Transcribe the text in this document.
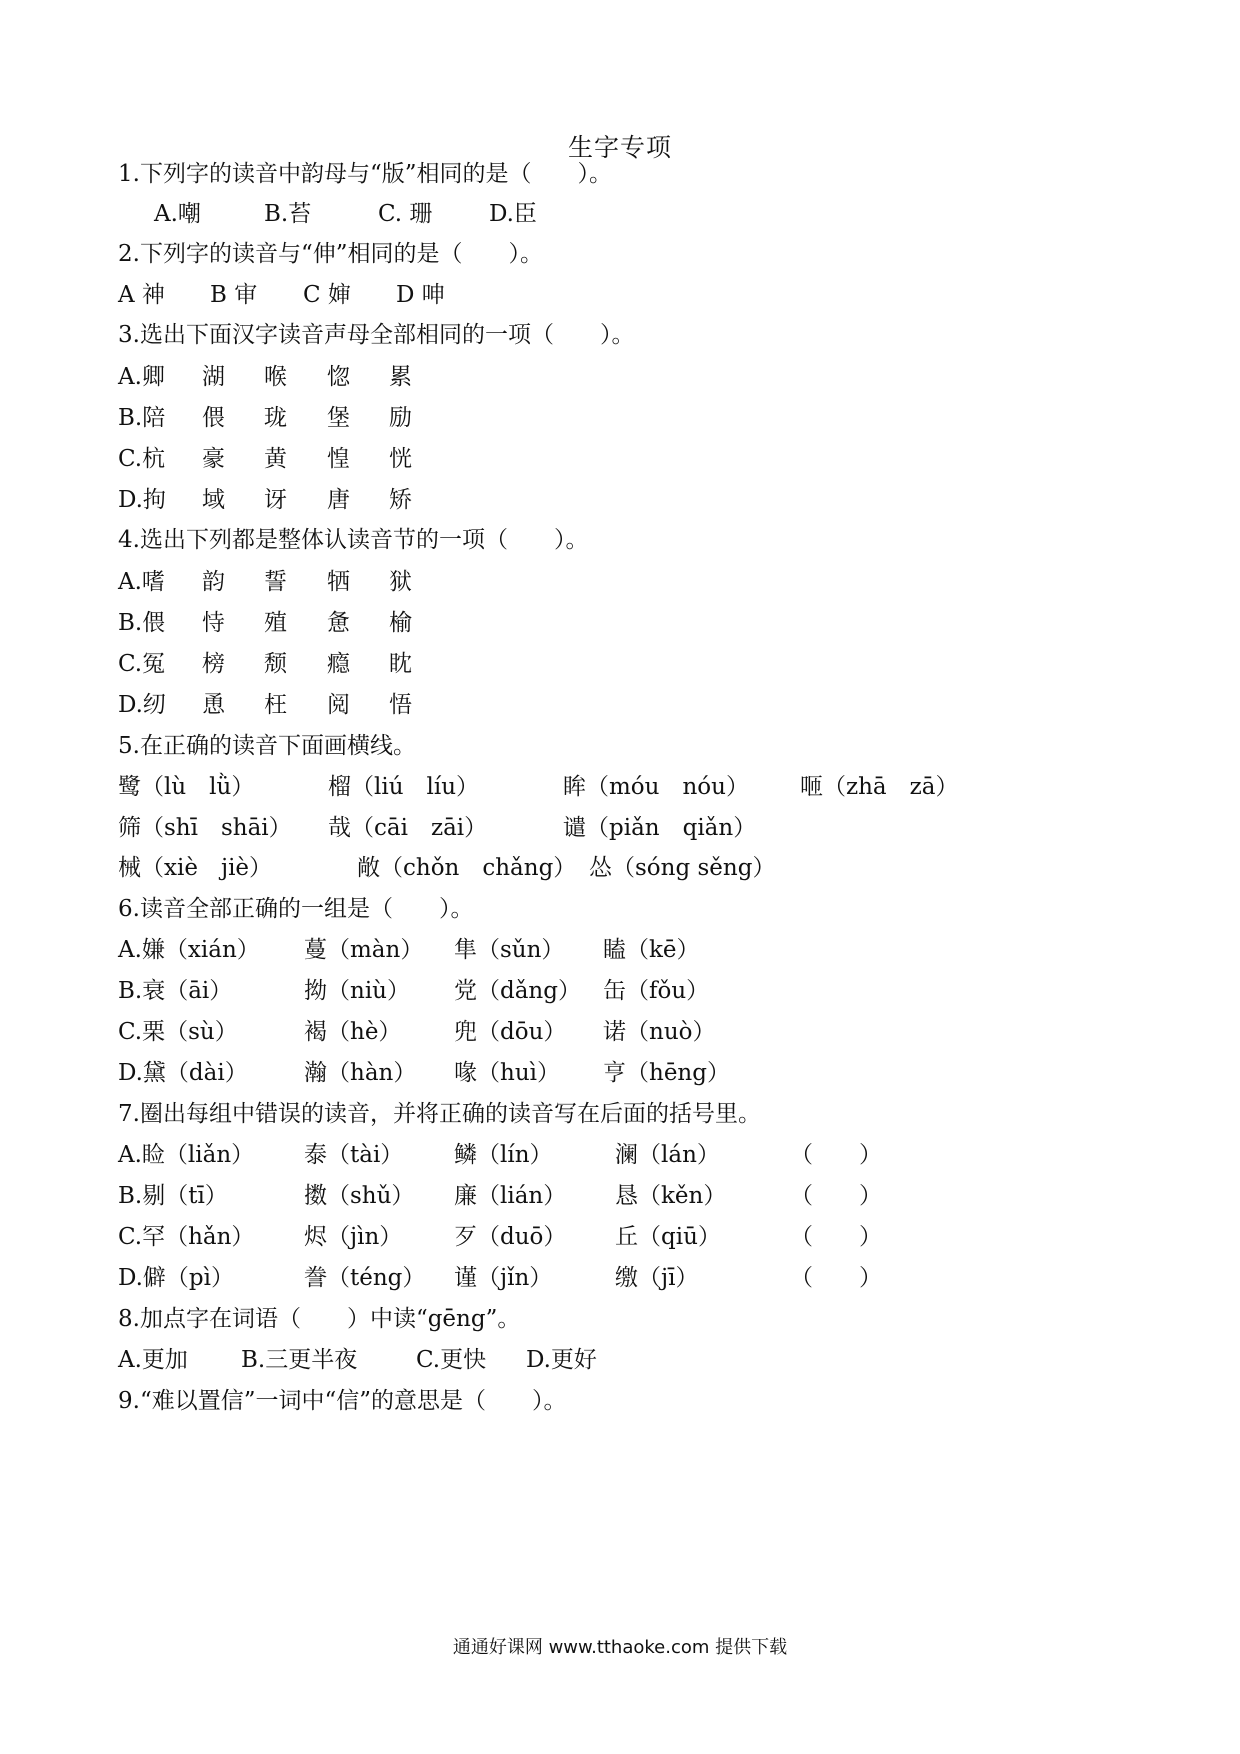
生字专项
1.下列字的读音中韵母与“版”相同的是（　　）。
A.嘲	B.苔	C. 珊 D.臣
2.下列字的读音与“伸”相同的是（　　）。
A 神 B 审 C 婶 D 呻
3.选出下面汉字读音声母全部相同的一项（　　）。
A.卿 湖 喉 惚 累
B.陪 偎 珑 堡 励
C.杭 豪 黄 惶 恍
D.拘 域 讶 唐 矫
4.选出下列都是整体认读音节的一项（　　）。
A.嗜 韵 誓 牺 狱
B.偎 恃 殖 惫 榆
C.冤 榜 颓 瘾 眈
D.纫 恿 枉 阅 悟
5.在正确的读音下面画横线。
鹭（lù　lǜ）	榴（liú　líu）	眸（móu　nóu） 咂（zhā　zā）
筛（shī　shāi） 哉（cāi　zāi）	谴（piǎn　qiǎn）
械（xiè　jiè）	敞（chǒn　chǎng） 怂（sóng sěng）
6.读音全部正确的一组是（　　）。
A.嫌（xián） 蔓（màn） 隼（sǔn） 瞌（kē）
B.衰（āi）	拗（niù） 党（dǎng） 缶（fǒu）
C.栗（sù）	褐（hè） 兜（dōu） 诺（nuò）
D.黛（dài） 瀚（hàn） 喙（huì） 亨（hēng）
7.圈出每组中错误的读音，并将正确的读音写在后面的括号里。
A.睑（liǎn） 泰（tài） 鳞（lín）	澜（lán）	（　　）
B.剔（tī）	擞（shǔ） 廉（lián） 恳（kěn）	（　　）
C.罕（hǎn） 烬（jìn） 歹（duō） 丘（qiū）	（　　）
D.僻（pì）	誊（téng） 谨（jǐn）	缴（jī）	（　　）
8.加点字在词语（　　）中读“gēng”。
A.更加 B.三更半夜	C.更快 D.更好
9.“难以置信”一词中“信”的意思是（　　）。
通通好课网 www.tthaoke.com 提供下载
